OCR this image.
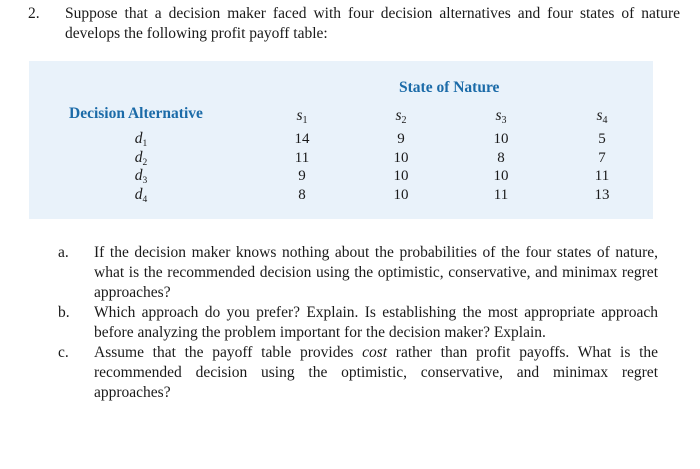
2. Suppose that a decision maker faced with four decision alternatives and four states of nature develops the following profit payoff table:
State of Nature
Decision Alternative	$s_1$	$s_2$	$s_3$	$s_4$
$d_1$	14	9	10	5
$d_2$	11	10	8	7
$d_3$	9	10	10	11
$d_4$	8	10	11	13
a. If the decision maker knows nothing about the probabilities of the four states of nature, what is the recommended decision using the optimistic, conservative, and minimax regret approaches?
b. Which approach do you prefer? Explain. Is establishing the most appropriate approach before analyzing the problem important for the decision maker? Explain.
c. Assume that the payoff table provides cost rather than profit payoffs. What is the recommended decision using the optimistic, conservative, and minimax regret approaches?
